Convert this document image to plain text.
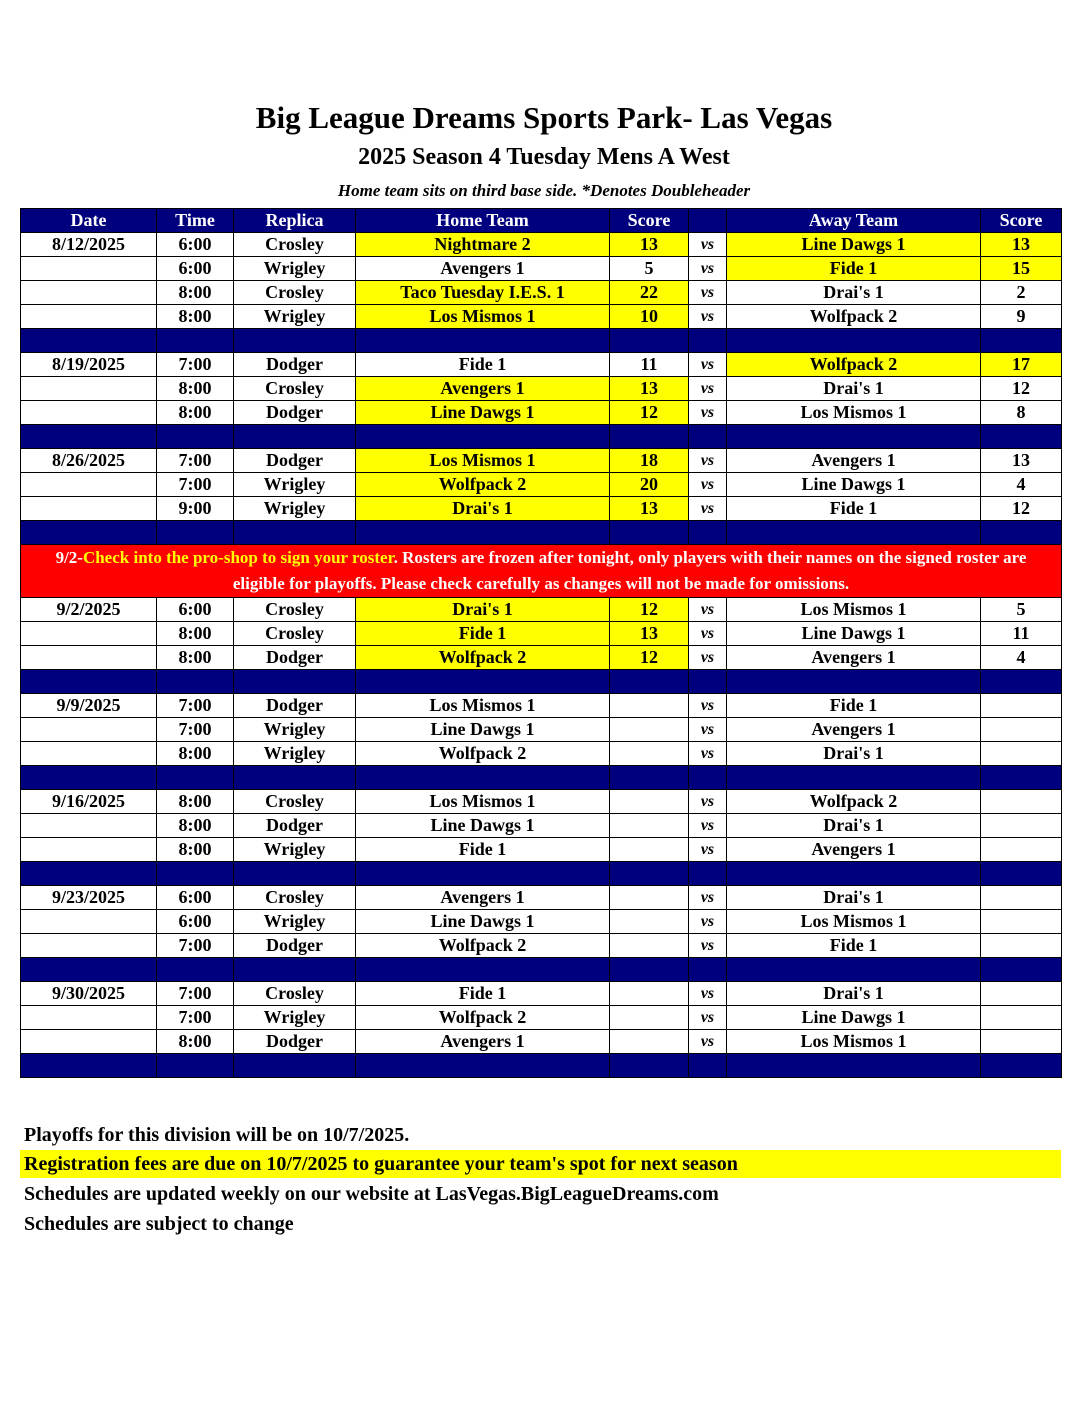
Big League Dreams Sports Park- Las Vegas
2025 Season 4 Tuesday Mens A West
Home team sits on third base side. *Denotes Doubleheader
Date	Time	Replica	Home Team	Score		Away Team	Score
8/12/2025	6:00	Crosley	Nightmare 2	13	vs	Line Dawgs 1	13
	6:00	Wrigley	Avengers 1	5	vs	Fide 1	15
	8:00	Crosley	Taco Tuesday I.E.S. 1	22	vs	Drai's 1	2
	8:00	Wrigley	Los Mismos 1	10	vs	Wolfpack 2	9

8/19/2025	7:00	Dodger	Fide 1	11	vs	Wolfpack 2	17
	8:00	Crosley	Avengers 1	13	vs	Drai's 1	12
	8:00	Dodger	Line Dawgs 1	12	vs	Los Mismos 1	8

8/26/2025	7:00	Dodger	Los Mismos 1	18	vs	Avengers 1	13
	7:00	Wrigley	Wolfpack 2	20	vs	Line Dawgs 1	4
	9:00	Wrigley	Drai's 1	13	vs	Fide 1	12

9/2-Check into the pro-shop to sign your roster. Rosters are frozen after tonight, only players with their names on the signed roster are eligible for playoffs. Please check carefully as changes will not be made for omissions.							
9/2/2025	6:00	Crosley	Drai's 1	12	vs	Los Mismos 1	5
	8:00	Crosley	Fide 1	13	vs	Line Dawgs 1	11
	8:00	Dodger	Wolfpack 2	12	vs	Avengers 1	4

9/9/2025	7:00	Dodger	Los Mismos 1		vs	Fide 1	
	7:00	Wrigley	Line Dawgs 1		vs	Avengers 1	
	8:00	Wrigley	Wolfpack 2		vs	Drai's 1	

9/16/2025	8:00	Crosley	Los Mismos 1		vs	Wolfpack 2	
	8:00	Dodger	Line Dawgs 1		vs	Drai's 1	
	8:00	Wrigley	Fide 1		vs	Avengers 1	

9/23/2025	6:00	Crosley	Avengers 1		vs	Drai's 1	
	6:00	Wrigley	Line Dawgs 1		vs	Los Mismos 1	
	7:00	Dodger	Wolfpack 2		vs	Fide 1	

9/30/2025	7:00	Crosley	Fide 1		vs	Drai's 1	
	7:00	Wrigley	Wolfpack 2		vs	Line Dawgs 1	
	8:00	Dodger	Avengers 1		vs	Los Mismos 1	

Playoffs for this division will be on 10/7/2025.
Registration fees are due on 10/7/2025 to guarantee your team's spot for next season
Schedules are updated weekly on our website at LasVegas.BigLeagueDreams.com
Schedules are subject to change
